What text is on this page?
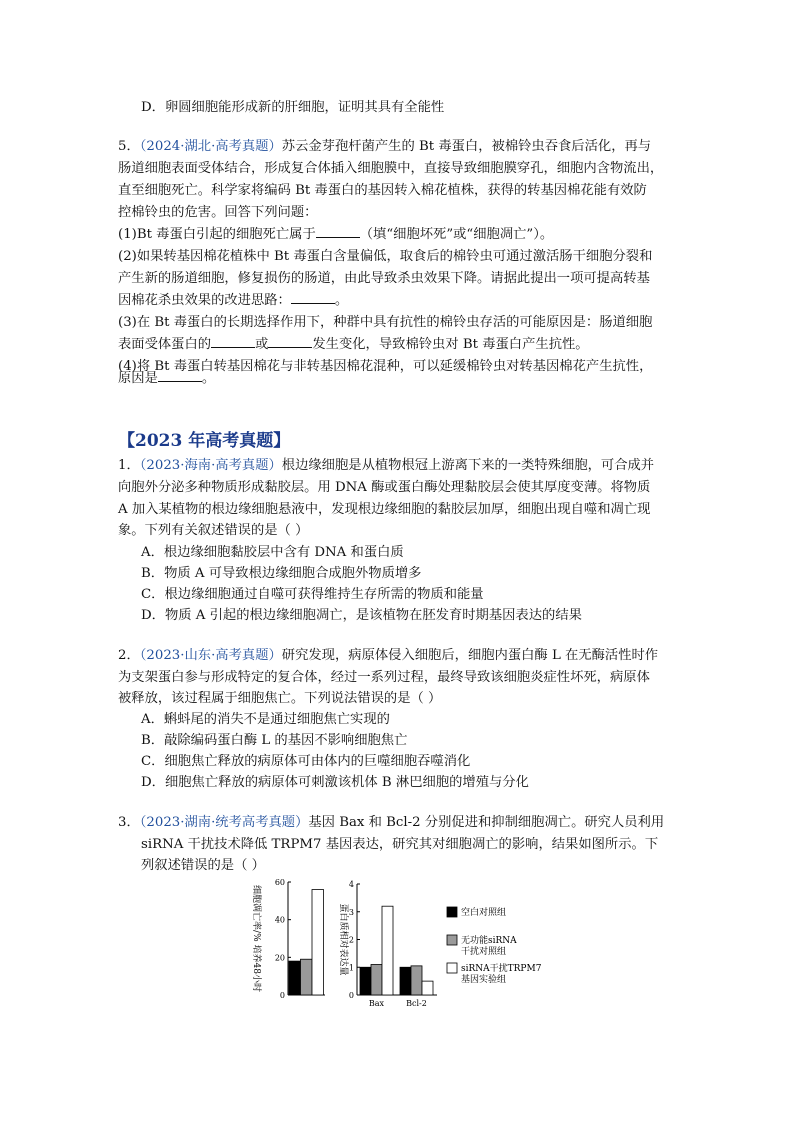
D．卵圆细胞能形成新的肝细胞，证明其具有全能性
5．（2024·湖北·高考真题）苏云金芽孢杆菌产生的 Bt 毒蛋白，被棉铃虫吞食后活化，再与
肠道细胞表面受体结合，形成复合体插入细胞膜中，直接导致细胞膜穿孔，细胞内含物流出，
直至细胞死亡。科学家将编码 Bt 毒蛋白的基因转入棉花植株，获得的转基因棉花能有效防
控棉铃虫的危害。回答下列问题：
(1)Bt 毒蛋白引起的细胞死亡属于	（填“细胞坏死”或“细胞凋亡”）。
(2)如果转基因棉花植株中 Bt 毒蛋白含量偏低，取食后的棉铃虫可通过激活肠干细胞分裂和
产生新的肠道细胞，修复损伤的肠道，由此导致杀虫效果下降。请据此提出一项可提高转基
因棉花杀虫效果的改进思路：	。
(3)在 Bt 毒蛋白的长期选择作用下，种群中具有抗性的棉铃虫存活的可能原因是：肠道细胞
表面受体蛋白的	或	发生变化，导致棉铃虫对 Bt 毒蛋白产生抗性。
(4)将 Bt 毒蛋白转基因棉花与非转基因棉花混种，可以延缓棉铃虫对转基因棉花产生抗性，
原因是	。
【2023 年高考真题】
1．（2023·海南·高考真题）根边缘细胞是从植物根冠上游离下来的一类特殊细胞，可合成并
向胞外分泌多种物质形成黏胶层。用 DNA 酶或蛋白酶处理黏胶层会使其厚度变薄。将物质
A 加入某植物的根边缘细胞悬液中，发现根边缘细胞的黏胶层加厚，细胞出现自噬和凋亡现
象。下列有关叙述错误的是（ ）
A．根边缘细胞黏胶层中含有 DNA 和蛋白质
B．物质 A 可导致根边缘细胞合成胞外物质增多
C．根边缘细胞通过自噬可获得维持生存所需的物质和能量
D．物质 A 引起的根边缘细胞凋亡，是该植物在胚发育时期基因表达的结果
2．（2023·山东·高考真题）研究发现，病原体侵入细胞后，细胞内蛋白酶 L 在无酶活性时作
为支架蛋白参与形成特定的复合体，经过一系列过程，最终导致该细胞炎症性坏死，病原体
被释放，该过程属于细胞焦亡。下列说法错误的是（ ）
A．蝌蚪尾的消失不是通过细胞焦亡实现的
B．敲除编码蛋白酶 L 的基因不影响细胞焦亡
C．细胞焦亡释放的病原体可由体内的巨噬细胞吞噬消化
D．细胞焦亡释放的病原体可刺激该机体 B 淋巴细胞的增殖与分化
3．（2023·湖南·统考高考真题）基因 Bax 和 Bcl-2 分别促进和抑制细胞凋亡。研究人员利用
siRNA 干扰技术降低 TRPM7 基因表达，研究其对细胞凋亡的影响，结果如图所示。下
列叙述错误的是（ ）
0
20
40
60
细胞凋亡率/% 培养48小时
0
1
2
3
4
蛋白质相对表达量
Bax	Bcl-2
空白对照组
无功能siRNA
干扰对照组
siRNA干扰TRPM7
基因实验组
